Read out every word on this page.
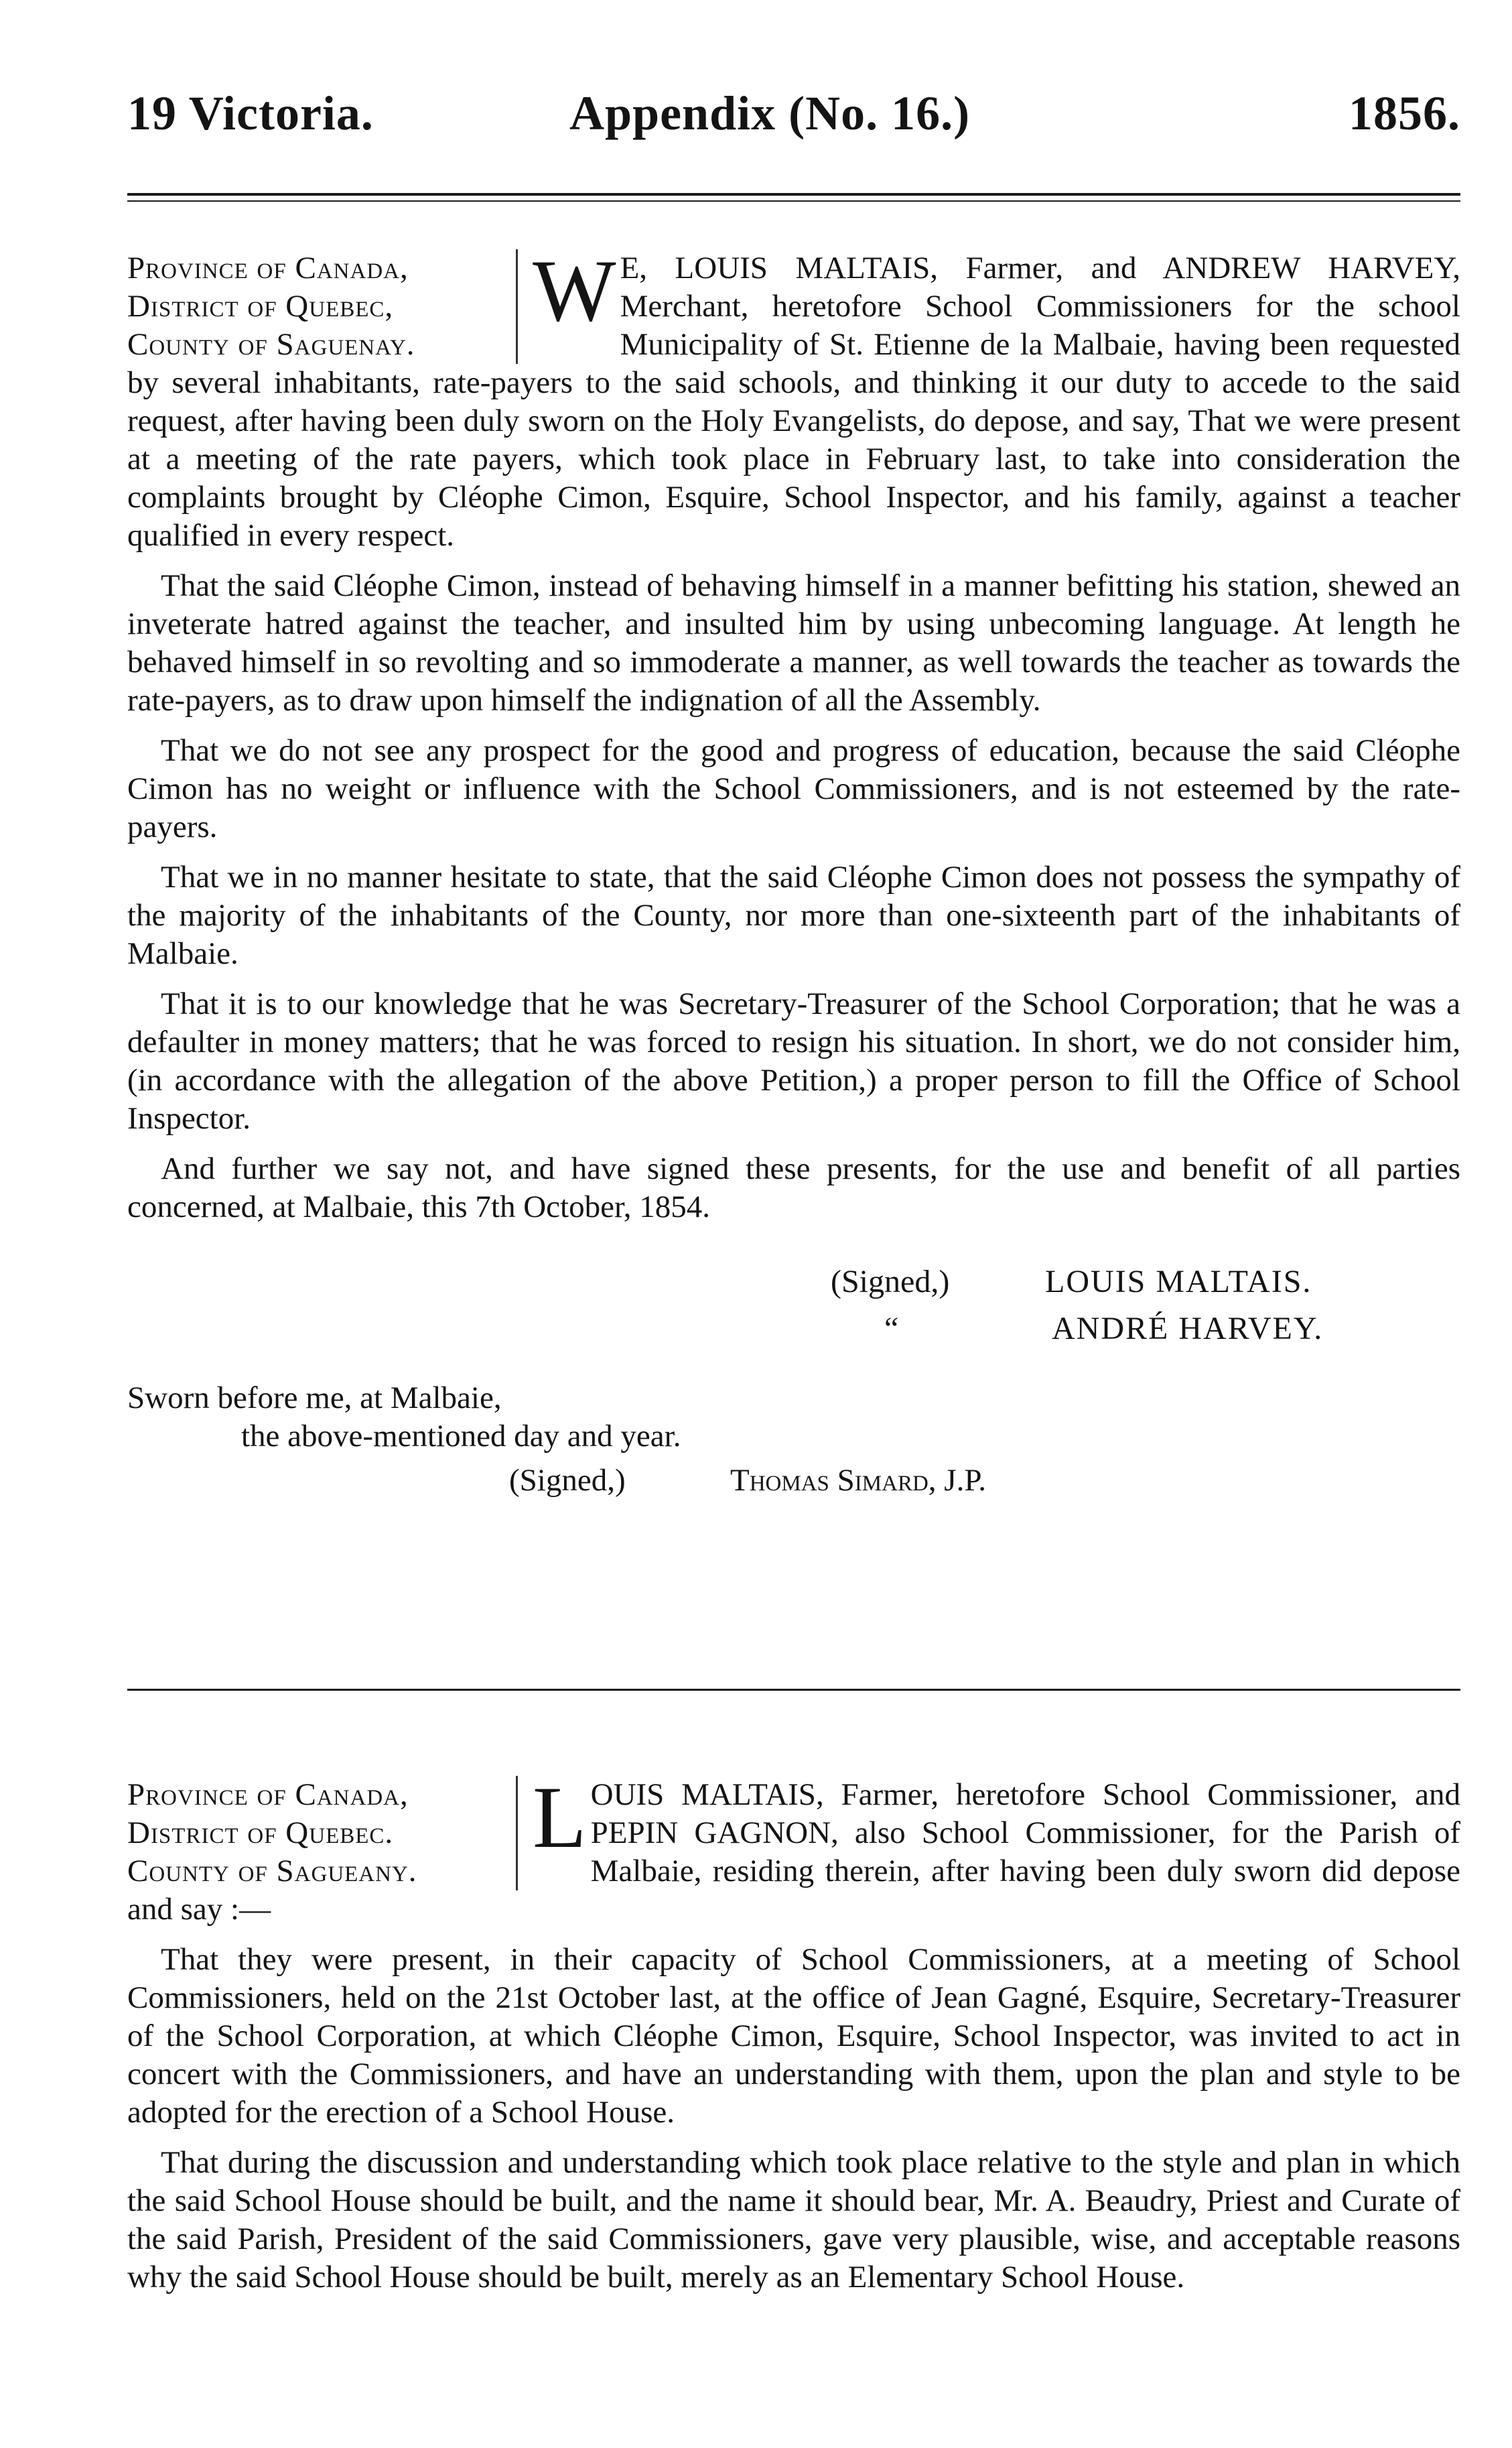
19 Victoria.	Appendix (No. 16.)	1856.
Province of Canada,
District of Quebec,
County of Saguenay.
W E, LOUIS MALTAIS, Farmer, and ANDREW HARVEY, Merchant, heretofore School Commissioners for the school Municipality of St. Etienne de la Malbaie, having been requested by several inhabitants, rate-payers to the said schools, and thinking it our duty to accede to the said request, after having been duly sworn on the Holy Evangelists, do depose, and say, That we were present at a meeting of the rate payers, which took place in February last, to take into consideration the complaints brought by Cléophe Cimon, Esquire, School Inspector, and his family, against a teacher qualified in every respect.

That the said Cléophe Cimon, instead of behaving himself in a manner befitting his station, shewed an inveterate hatred against the teacher, and insulted him by using unbecoming language. At length he behaved himself in so revolting and so immoderate a manner, as well towards the teacher as towards the rate-payers, as to draw upon himself the indignation of all the Assembly.

That we do not see any prospect for the good and progress of education, because the said Cléophe Cimon has no weight or influence with the School Commissioners, and is not esteemed by the rate-payers.

That we in no manner hesitate to state, that the said Cléophe Cimon does not possess the sympathy of the majority of the inhabitants of the County, nor more than one-sixteenth part of the inhabitants of Malbaie.

That it is to our knowledge that he was Secretary-Treasurer of the School Corporation; that he was a defaulter in money matters; that he was forced to resign his situation. In short, we do not consider him, (in accordance with the allegation of the above Petition,) a proper person to fill the Office of School Inspector.

And further we say not, and have signed these presents, for the use and benefit of all parties concerned, at Malbaie, this 7th October, 1854.

(Signed,)	LOUIS MALTAIS.
“	ANDRÉ HARVEY.
Sworn before me, at Malbaie,
the above-mentioned day and year.
(Signed,)	Thomas Simard, J.P.
Province of Canada,
District of Quebec.
County of Sagueany.
L OUIS MALTAIS, Farmer, heretofore School Commissioner, and PEPIN GAGNON, also School Commissioner, for the Parish of Malbaie, residing therein, after having been duly sworn did depose and say :—

That they were present, in their capacity of School Commissioners, at a meeting of School Commissioners, held on the 21st October last, at the office of Jean Gagné, Esquire, Secretary-Treasurer of the School Corporation, at which Cléophe Cimon, Esquire, School Inspector, was invited to act in concert with the Commissioners, and have an understanding with them, upon the plan and style to be adopted for the erection of a School House.

That during the discussion and understanding which took place relative to the style and plan in which the said School House should be built, and the name it should bear, Mr. A. Beaudry, Priest and Curate of the said Parish, President of the said Commissioners, gave very plausible, wise, and acceptable reasons why the said School House should be built, merely as an Elementary School House.
